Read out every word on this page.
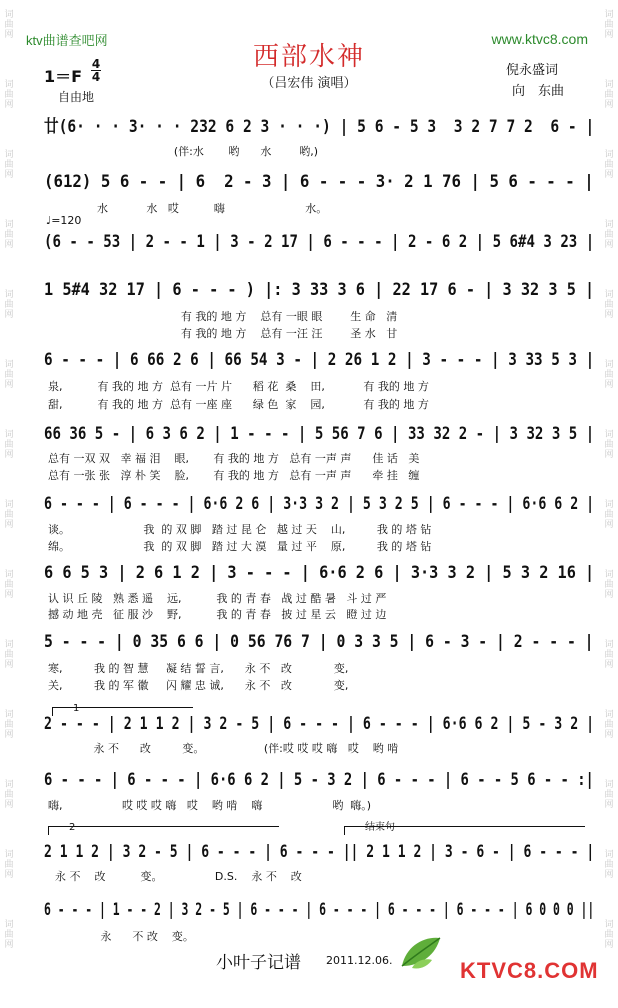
词曲网
词曲网
词曲网
词曲网
词曲网
词曲网
词曲网
词曲网
词曲网
词曲网
词曲网
词曲网
词曲网
词曲网
词曲网
词曲网
词曲网
词曲网
词曲网
词曲网
词曲网
词曲网
词曲网
词曲网
词曲网
词曲网
词曲网
词曲网
ktv曲谱查吧网	www.ktvc8.com
西部水神
（吕宏伟 演唱）
倪永盛词
向　东曲
1＝F
4
4
自由地
♩=120
廿(6· · · 3· · · 232 6 2 3 · · ·) | 5 6 - 5 3  3 2 7 7 2  6 - |
(伴:水       哟      水        哟,)
(612) 5 6 - - | 6  2 - 3 | 6 - - - 3· 2 1 76 | 5 6 - - - |
水           水   哎          嗨                       水。
(6 - - 53 | 2 - - 1 | 3 - 2 17 | 6 - - - | 2 - 6 2 | 5 6#4 3 23 |
1 5#4 32 17 | 6 - - - ) |: 3 33 3 6 | 22 17 6 - | 3 32 3 5 |
有 我的 地 方    总有 一眼 眼        生 命   清
有 我的 地 方    总有 一汪 汪        圣 水   甘
6 - - - | 6 66 2 6 | 66 54 3 - | 2 26 1 2 | 3 - - - | 3 33 5 3 |
泉,          有 我的 地 方  总有 一片 片      稻 花  桑    田,           有 我的 地 方
甜,          有 我的 地 方  总有 一座 座      绿 色  家    园,           有 我的 地 方
66 36 5 - | 6 3 6 2 | 1 - - - | 5 56 7 6 | 33 32 2 - | 3 32 3 5 |
总有 一双 双   幸 福 泪    眼,       有 我的 地 方   总有 一声 声      佳 话   美
总有 一张 张   淳 朴 笑    脸,       有 我的 地 方   总有 一声 声      牵 挂   缠
6 - - - | 6 - - - | 6·6 2 6 | 3·3 3 2 | 5 3 2 5 | 6 - - - | 6·6 6 2 |
谈。                     我  的 双 脚   踏 过 昆 仑   越 过 天    山,         我 的 塔 钻
绵。                     我  的 双 脚   踏 过 大 漠   量 过 平    原,         我 的 塔 钻
6 6 5 3 | 2 6 1 2 | 3 - - - | 6·6 2 6 | 3·3 3 2 | 5 3 2 16 |
认 识 丘 陵   熟 悉 遥    远,          我 的 青 春   战 过 酷 暑   斗 过 严
撼 动 地 壳   征 服 沙    野,          我 的 青 春   披 过 星 云   瞪 过 边
5 - - - | 0 35 6 6 | 0 56 76 7 | 0 3 3 5 | 6 - 3 - | 2 - - - |
寒,         我 的 智 慧     凝 结 誓 言,      永 不   改            变,
关,         我 的 军 徽     闪 耀 忠 诚,      永 不   改            变,
1
2 - - - | 2 1 1 2 | 3 2 - 5 | 6 - - - | 6 - - - | 6·6 6 2 | 5 - 3 2 |
永 不      改         变。                 (伴:哎 哎 哎 嗨   哎    哟 啃
6 - - - | 6 - - - | 6·6 6 2 | 5 - 3 2 | 6 - - - | 6 - - 5 6 - - :|
嗨,                 哎 哎 哎 嗨   哎    哟 啃    嗨                    哟  嗨。)
2	结束句
2 1 1 2 | 3 2 - 5 | 6 - - - | 6 - - - || 2 1 1 2 | 3 - 6 - | 6 - - - |
永 不    改          变。               D.S.    永 不    改
6 - - - | 1 - - 2 | 3 2 - 5 | 6 - - - | 6 - - - | 6 - - - | 6 - - - | 6 0 0 0 ||
永      不 改    变。
小叶子记谱 2011.12.06.	KTVC8.COM
